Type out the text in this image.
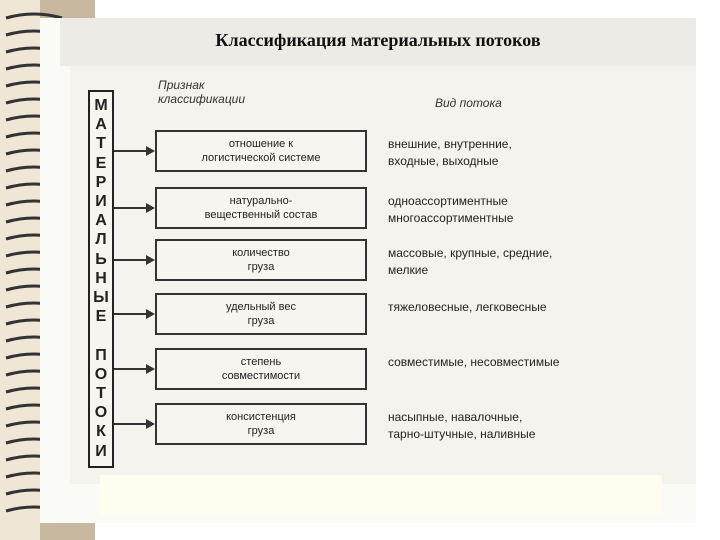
Классификация материальных потоков
М
А
Т
Е
Р
И
А
Л
Ь
Н
Ы
Е
П
О
Т
О
К
И
Признак
классификации	Вид потока
отношение к
логистической системе
внешние, внутренние,
входные, выходные
натурально-
вещественный состав
одноассортиментные
многоассортиментные
количество
груза
массовые, крупные, средние,
мелкие
удельный вес
груза
тяжеловесные, легковесные
степень
совместимости
совместимые, несовместимые
консистенция
груза
насыпные, навалочные,
тарно-штучные, наливные
